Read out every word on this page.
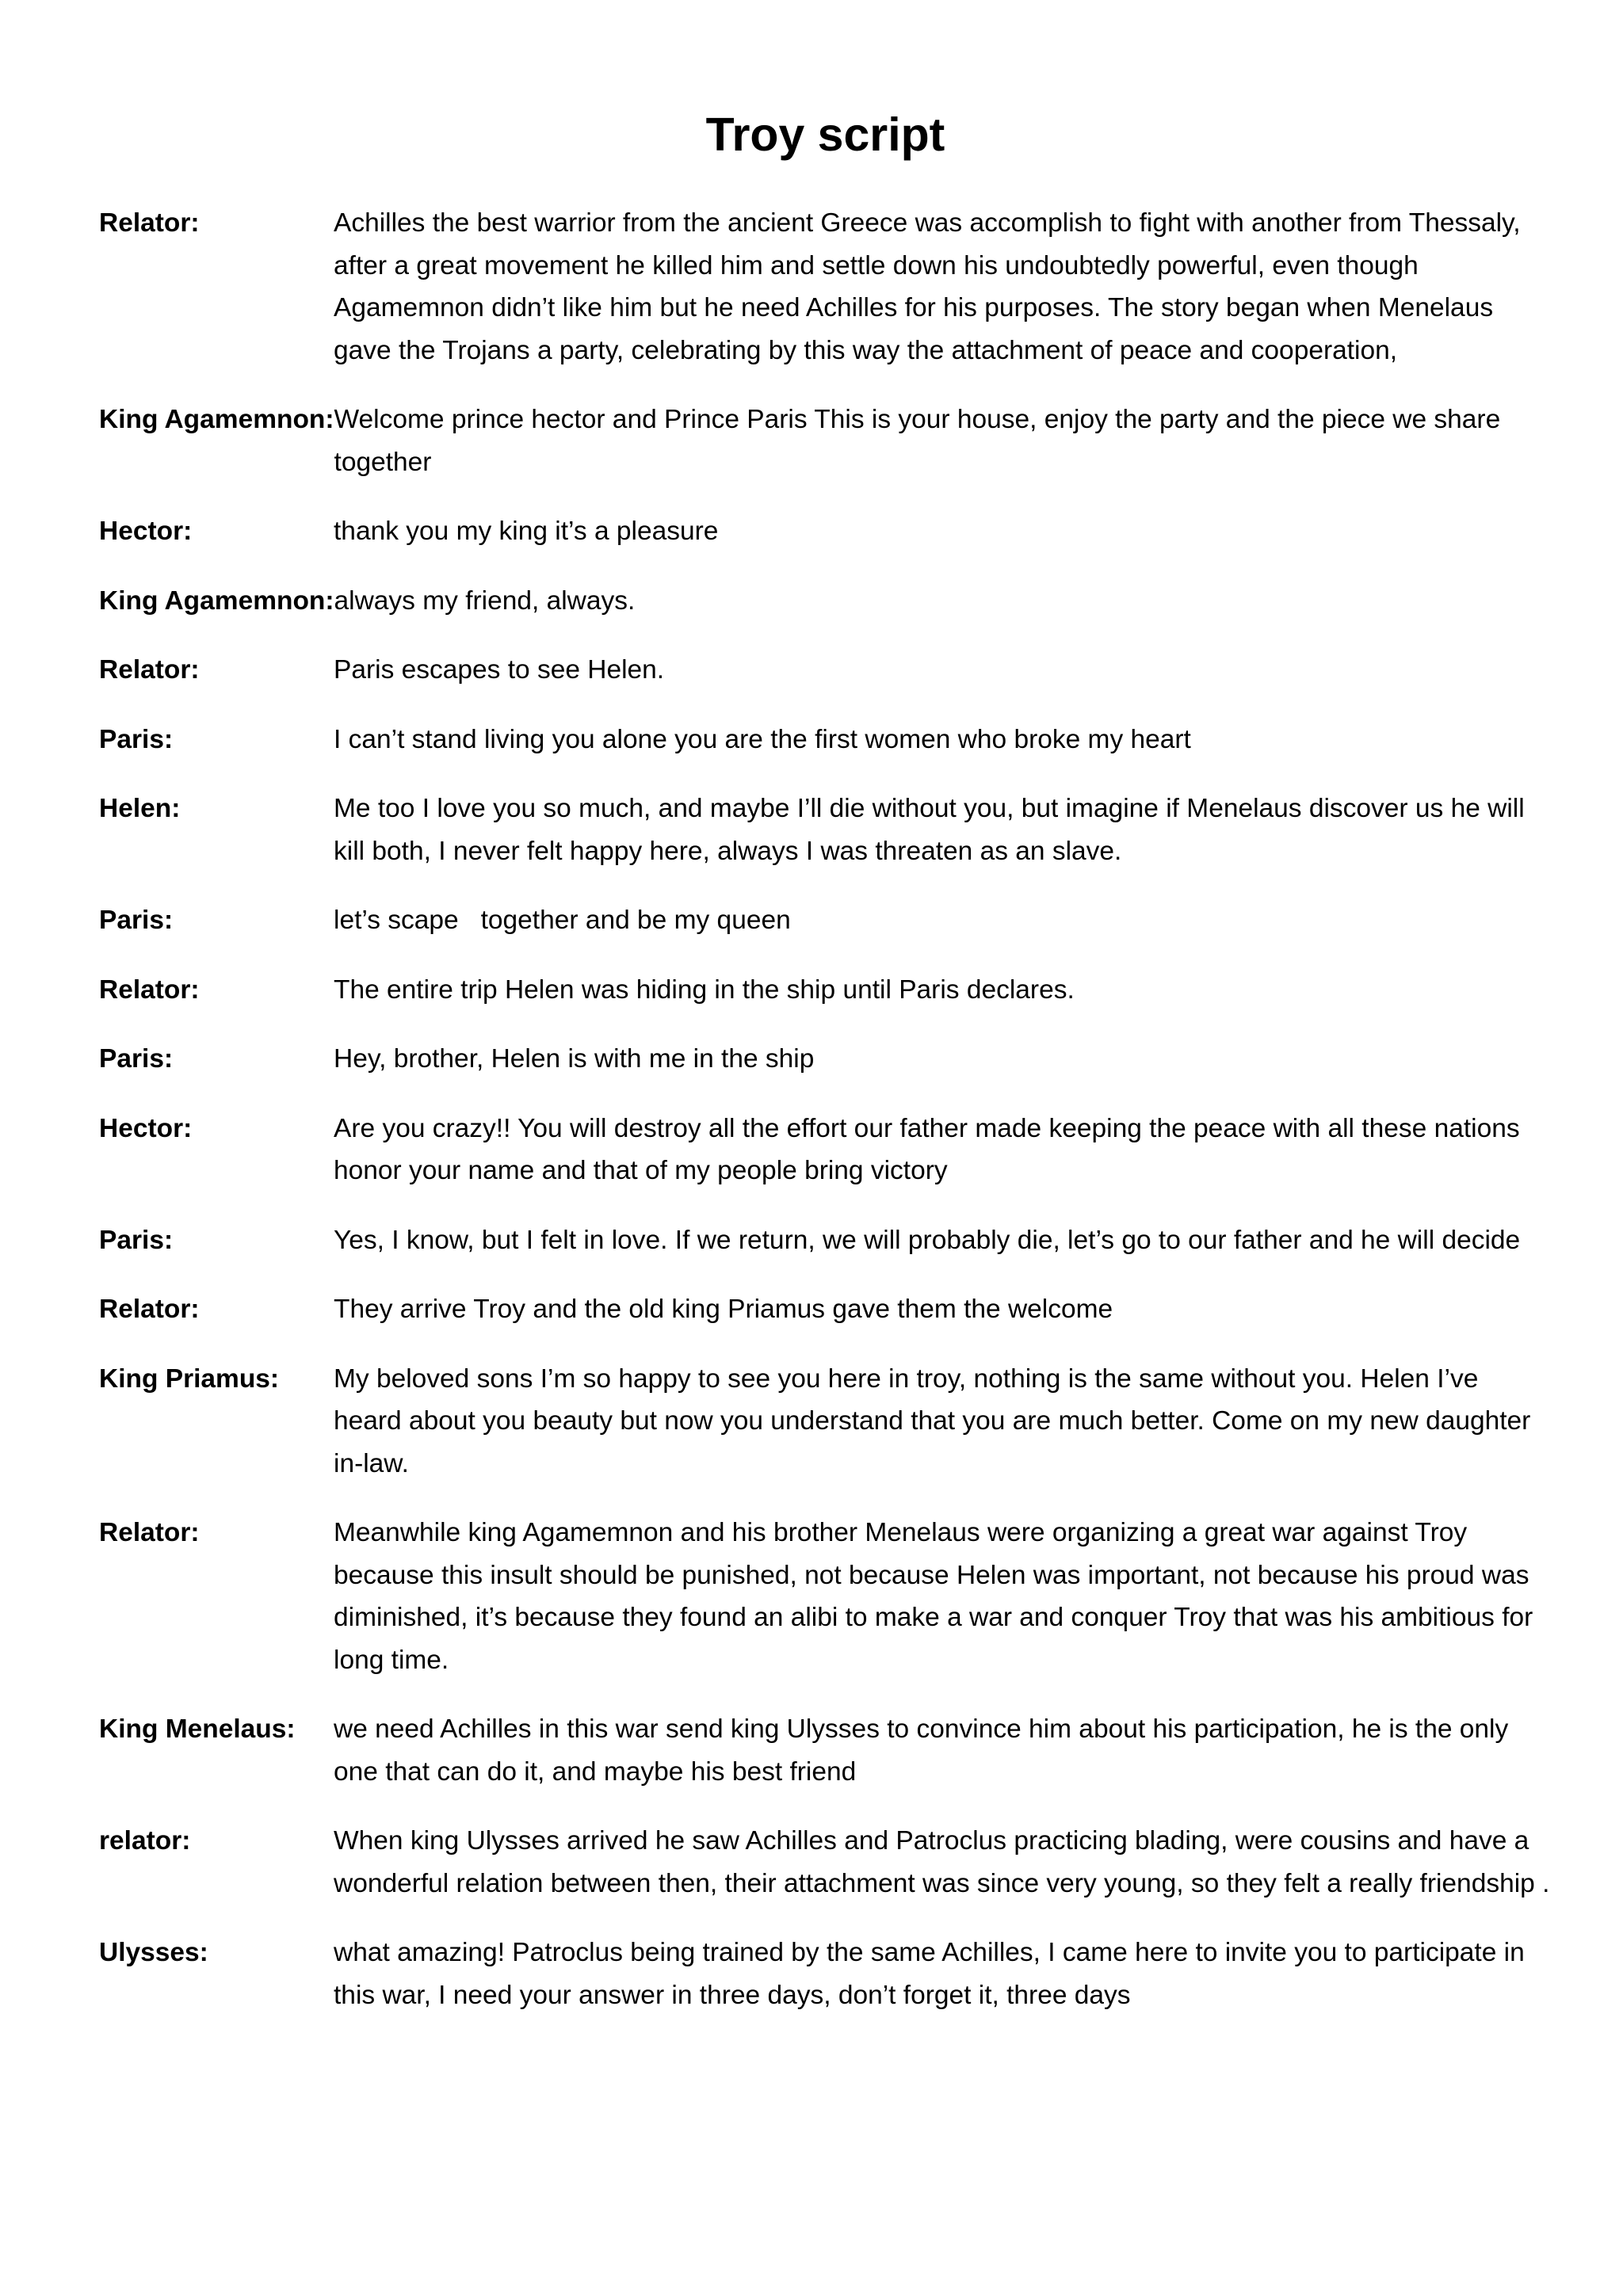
Troy script
Relator:	Achilles the best warrior from the ancient Greece was accomplish to fight with another from Thessaly, after a great movement he killed him and settle down his undoubtedly powerful, even though Agamemnon didn’t like him but he need Achilles for his purposes. The story began when Menelaus gave the Trojans a party, celebrating by this way the attachment of peace and cooperation,
King Agamemnon: Welcome prince hector and Prince Paris This is your house, enjoy the party and the piece we share together
Hector:	thank you my king it’s a pleasure
King Agamemnon: always my friend, always.
Relator:	Paris escapes to see Helen.
Paris:	I can’t stand living you alone you are the first women who broke my heart
Helen:	Me too I love you so much, and maybe I’ll die without you, but imagine if Menelaus discover us he will kill both, I never felt happy here, always I was threaten as an slave.
Paris:	let’s scape   together and be my queen
Relator:	The entire trip Helen was hiding in the ship until Paris declares.
Paris:	Hey, brother, Helen is with me in the ship
Hector:	Are you crazy!! You will destroy all the effort our father made keeping the peace with all these nations honor your name and that of my people bring victory
Paris:	Yes, I know, but I felt in love. If we return, we will probably die, let’s go to our father and he will decide
Relator:	They arrive Troy and the old king Priamus gave them the welcome
King Priamus:	My beloved sons I’m so happy to see you here in troy, nothing is the same without you. Helen I’ve heard about you beauty but now you understand that you are much better. Come on my new daughter in-law.
Relator:	Meanwhile king Agamemnon and his brother Menelaus were organizing a great war against Troy because this insult should be punished, not because Helen was important, not because his proud was diminished, it’s because they found an alibi to make a war and conquer Troy that was his ambitious for long time.
King Menelaus:	we need Achilles in this war send king Ulysses to convince him about his participation, he is the only one that can do it, and maybe his best friend
relator:	When king Ulysses arrived he saw Achilles and Patroclus practicing blading, were cousins and have a wonderful relation between then, their attachment was since very young, so they felt a really friendship .
Ulysses:	what amazing! Patroclus being trained by the same Achilles, I came here to invite you to participate in this war, I need your answer in three days, don’t forget it, three days
